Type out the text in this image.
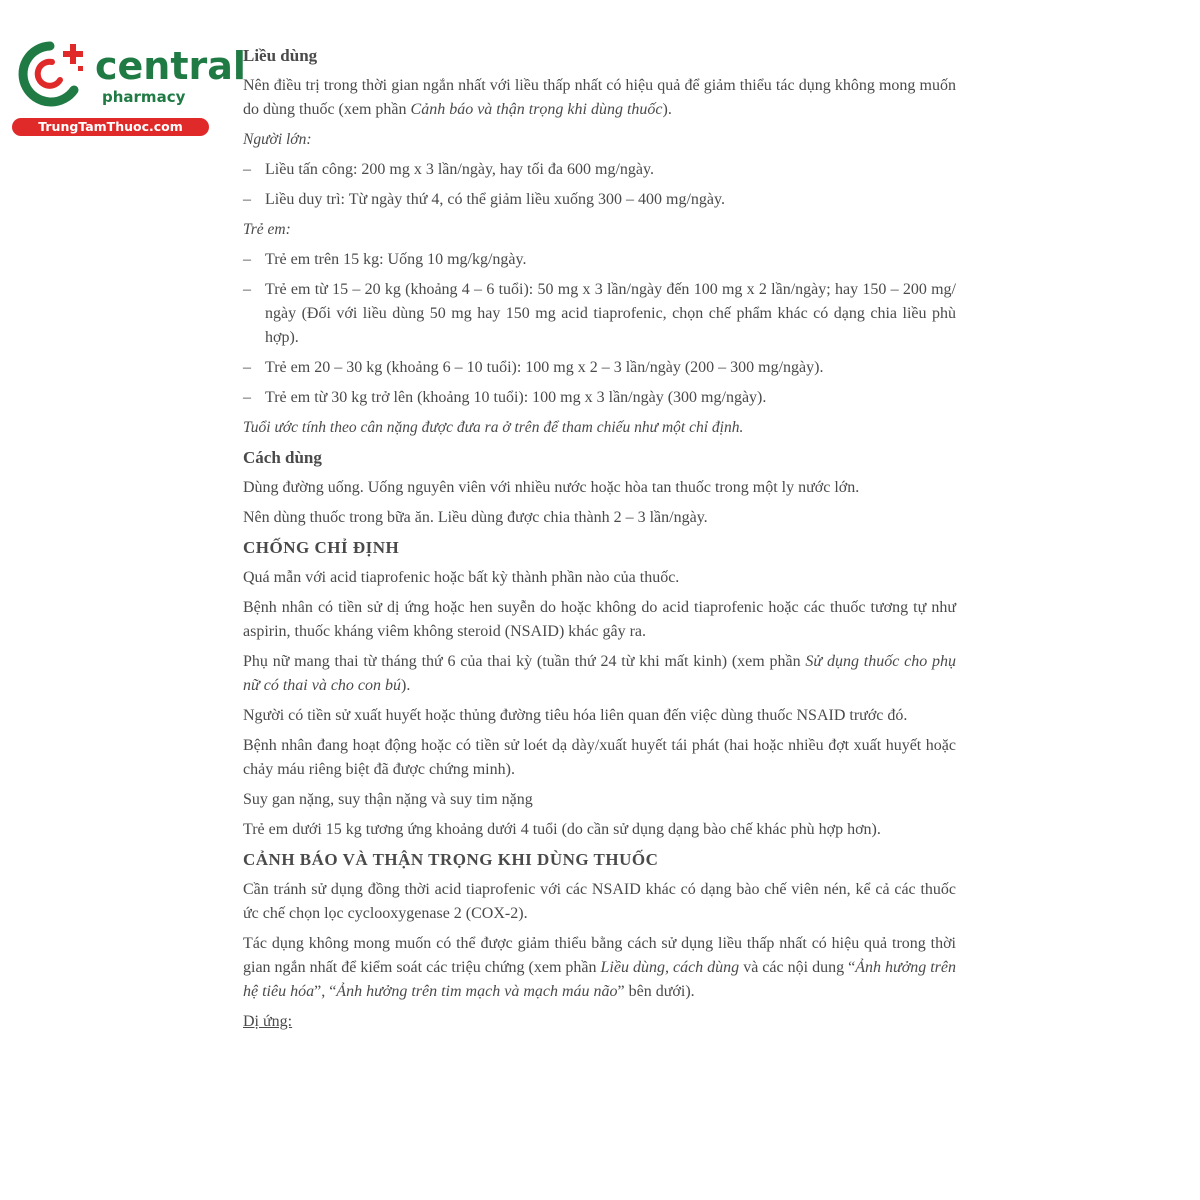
central
pharmacy
TrungTamThuoc.com
Liều dùng
Nên điều trị trong thời gian ngắn nhất với liều thấp nhất có hiệu quả để giảm thiểu tác dụng không mong muốn do dùng thuốc (xem phần Cảnh báo và thận trọng khi dùng thuốc).
Người lớn:
– Liều tấn công: 200 mg x 3 lần/ngày, hay tối đa 600 mg/ngày.
– Liều duy trì: Từ ngày thứ 4, có thể giảm liều xuống 300 – 400 mg/ngày.
Trẻ em:
– Trẻ em trên 15 kg: Uống 10 mg/kg/ngày.
– Trẻ em từ 15 – 20 kg (khoảng 4 – 6 tuổi): 50 mg x 3 lần/ngày đến 100 mg x 2 lần/ngày; hay 150 – 200 mg/ ngày (Đối với liều dùng 50 mg hay 150 mg acid tiaprofenic, chọn chế phẩm khác có dạng chia liều phù hợp).
– Trẻ em 20 – 30 kg (khoảng 6 – 10 tuổi): 100 mg x 2 – 3 lần/ngày (200 – 300 mg/ngày).
– Trẻ em từ 30 kg trở lên (khoảng 10 tuổi): 100 mg x 3 lần/ngày (300 mg/ngày).
Tuổi ước tính theo cân nặng được đưa ra ở trên để tham chiếu như một chỉ định.
Cách dùng
Dùng đường uống. Uống nguyên viên với nhiều nước hoặc hòa tan thuốc trong một ly nước lớn.
Nên dùng thuốc trong bữa ăn. Liều dùng được chia thành 2 – 3 lần/ngày.
CHỐNG CHỈ ĐỊNH
Quá mẫn với acid tiaprofenic hoặc bất kỳ thành phần nào của thuốc.
Bệnh nhân có tiền sử dị ứng hoặc hen suyễn do hoặc không do acid tiaprofenic hoặc các thuốc tương tự như aspirin, thuốc kháng viêm không steroid (NSAID) khác gây ra.
Phụ nữ mang thai từ tháng thứ 6 của thai kỳ (tuần thứ 24 từ khi mất kinh) (xem phần Sử dụng thuốc cho phụ nữ có thai và cho con bú).
Người có tiền sử xuất huyết hoặc thủng đường tiêu hóa liên quan đến việc dùng thuốc NSAID trước đó.
Bệnh nhân đang hoạt động hoặc có tiền sử loét dạ dày/xuất huyết tái phát (hai hoặc nhiều đợt xuất huyết hoặc chảy máu riêng biệt đã được chứng minh).
Suy gan nặng, suy thận nặng và suy tim nặng
Trẻ em dưới 15 kg tương ứng khoảng dưới 4 tuổi (do cần sử dụng dạng bào chế khác phù hợp hơn).
CẢNH BÁO VÀ THẬN TRỌNG KHI DÙNG THUỐC
Cần tránh sử dụng đồng thời acid tiaprofenic với các NSAID khác có dạng bào chế viên nén, kể cả các thuốc ức chế chọn lọc cyclooxygenase 2 (COX-2).
Tác dụng không mong muốn có thể được giảm thiểu bằng cách sử dụng liều thấp nhất có hiệu quả trong thời gian ngắn nhất để kiểm soát các triệu chứng (xem phần Liều dùng, cách dùng và các nội dung “Ảnh hưởng trên hệ tiêu hóa”, “Ảnh hưởng trên tim mạch và mạch máu não” bên dưới).
Dị ứng:
